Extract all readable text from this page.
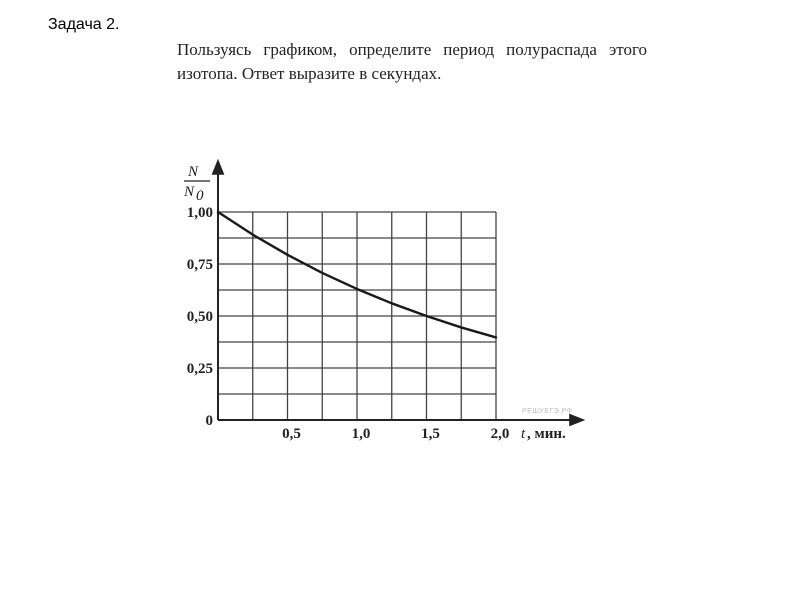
Задача 2.
Пользуясь графиком, определите период полураспада этого изотопа. Ответ выразите в секундах.
0
0,25
0,50
0,75
1,00
0,5	1,0	1,5	2,0
N
N 0
t , мин.
РЕШУЕГЭ.РФ
